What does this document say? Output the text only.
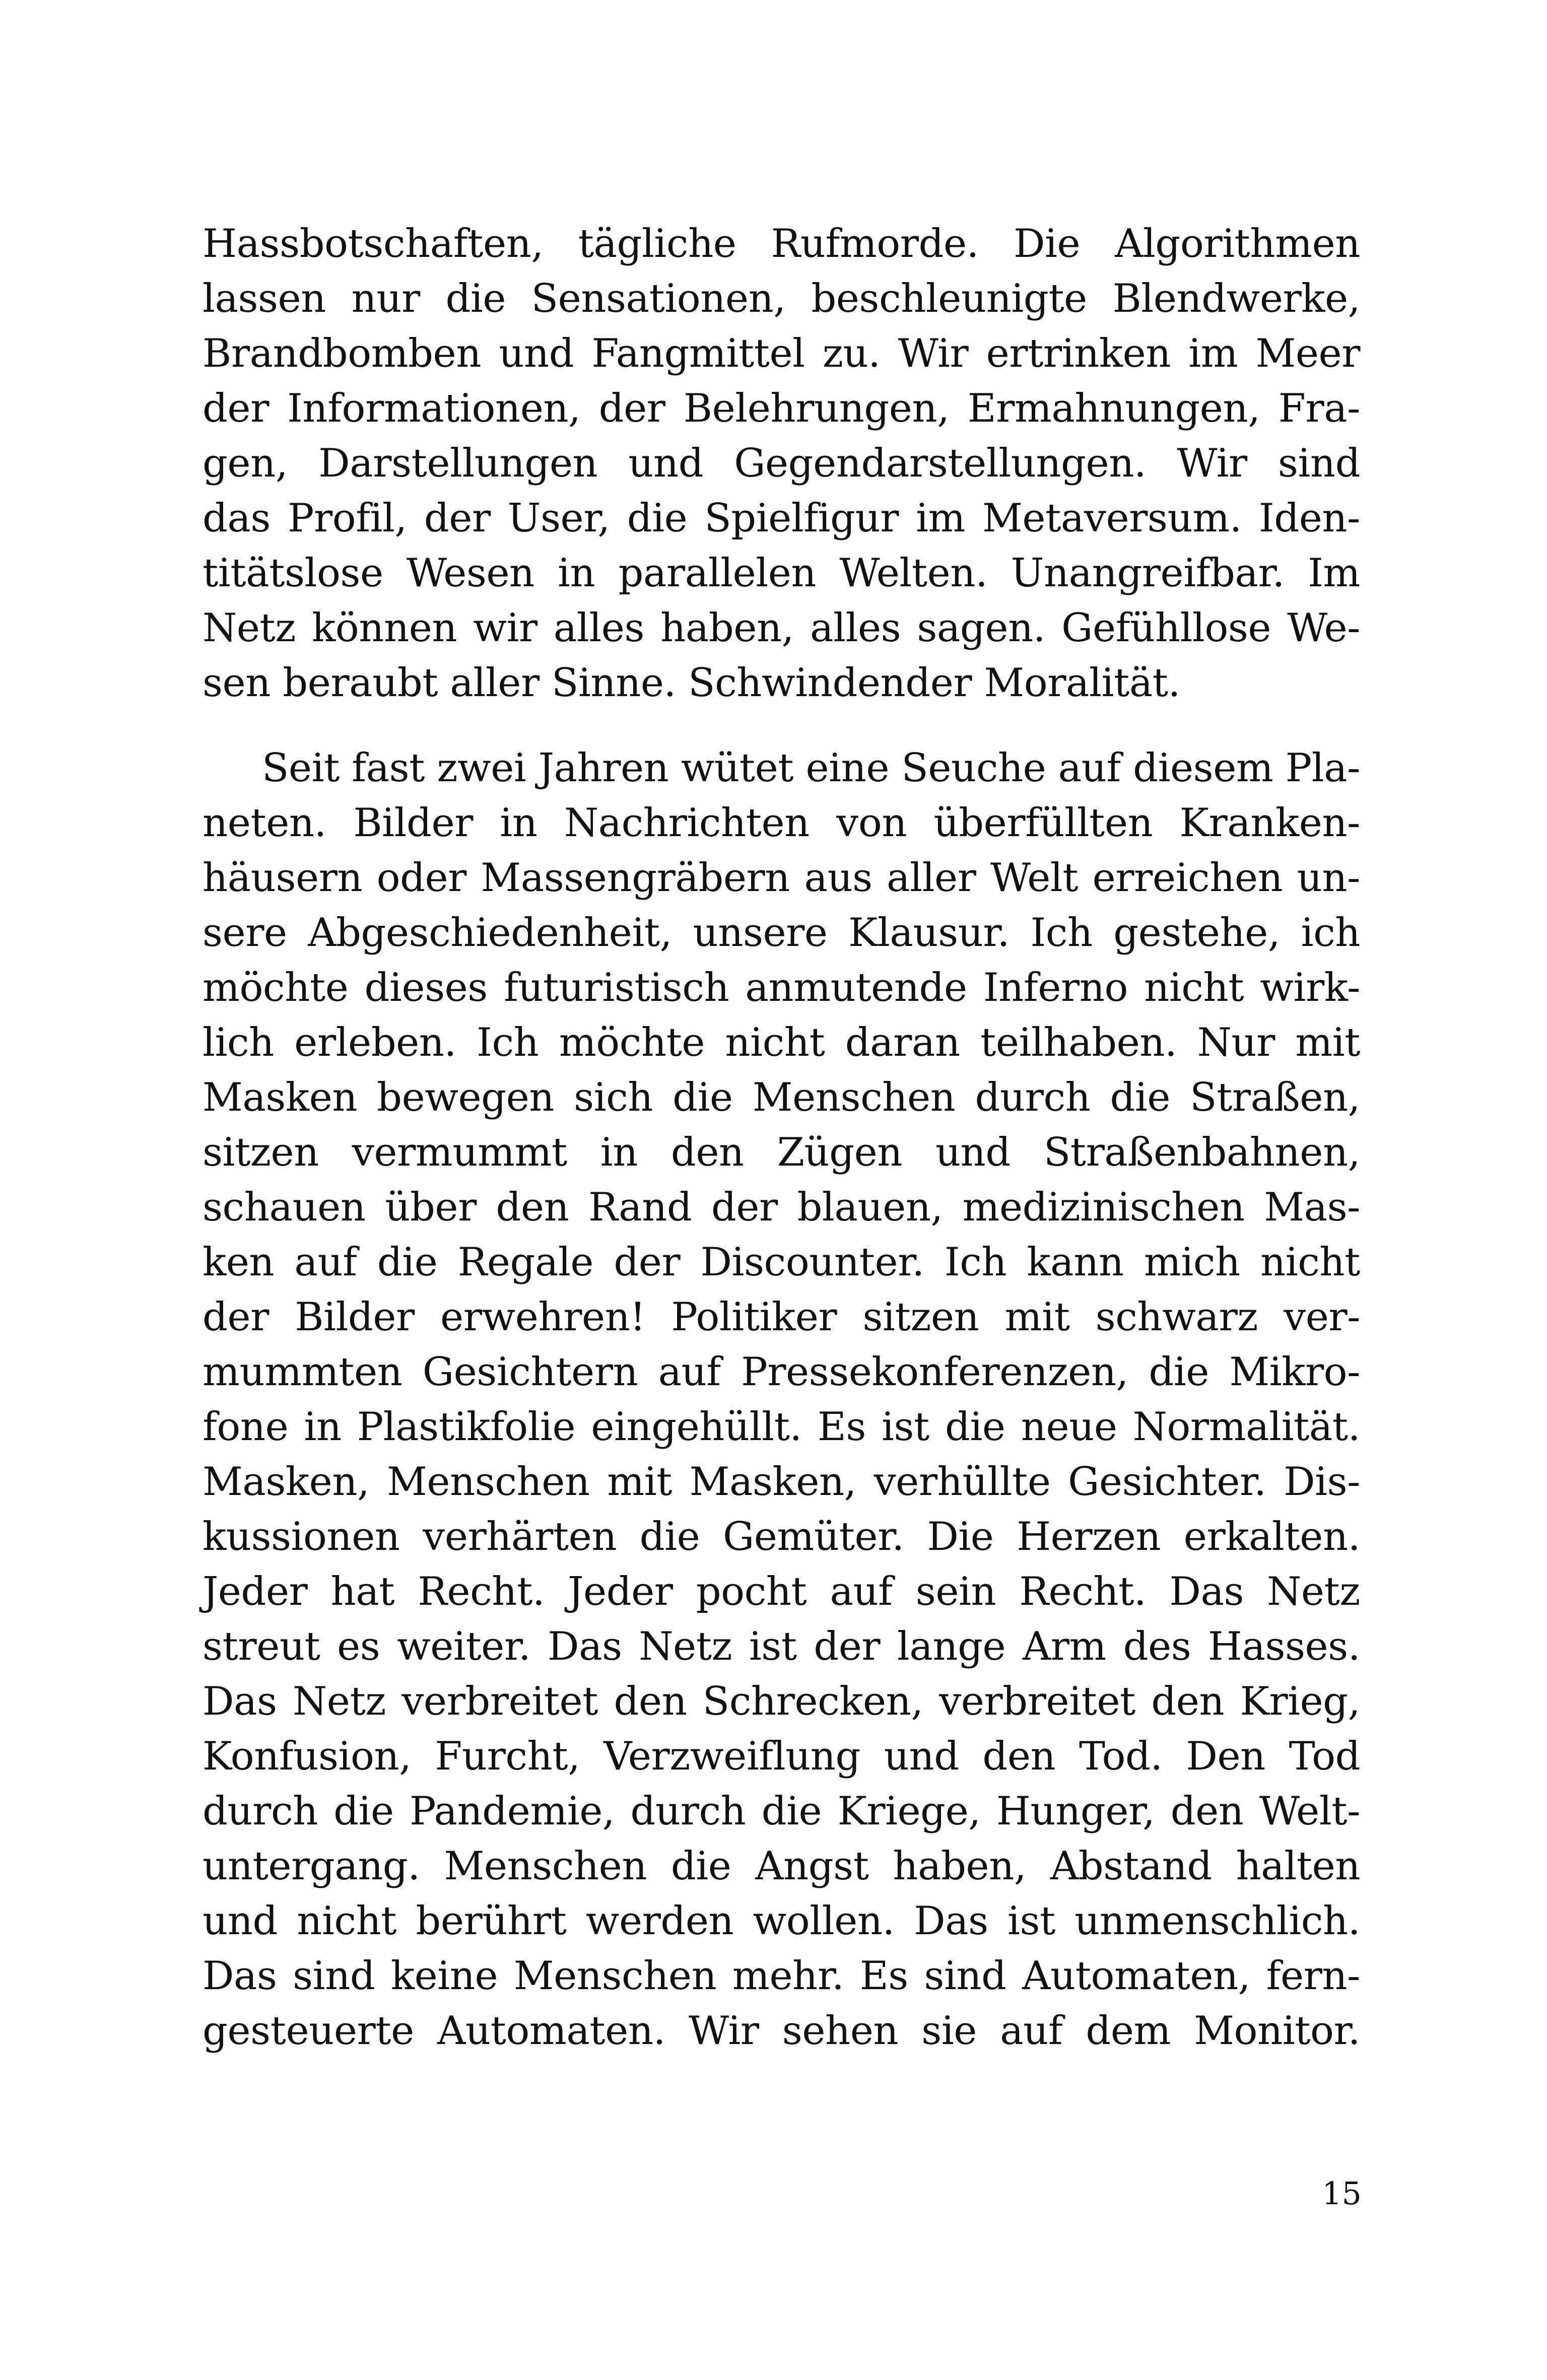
Hassbotschaften, tägliche Rufmorde. Die Algorithmen
lassen nur die Sensationen, beschleunigte Blendwerke,
Brandbomben und Fangmittel zu. Wir ertrinken im Meer
der Informationen, der Belehrungen, Ermahnungen, Fra-
gen, Darstellungen und Gegendarstellungen. Wir sind
das Profil, der User, die Spielfigur im Metaversum. Iden-
titätslose Wesen in parallelen Welten. Unangreifbar. Im
Netz können wir alles haben, alles sagen. Gefühllose We-
sen beraubt aller Sinne. Schwindender Moralität.
Seit fast zwei Jahren wütet eine Seuche auf diesem Pla-
neten. Bilder in Nachrichten von überfüllten Kranken-
häusern oder Massengräbern aus aller Welt erreichen un-
sere Abgeschiedenheit, unsere Klausur. Ich gestehe, ich
möchte dieses futuristisch anmutende Inferno nicht wirk-
lich erleben. Ich möchte nicht daran teilhaben. Nur mit
Masken bewegen sich die Menschen durch die Straßen,
sitzen vermummt in den Zügen und Straßenbahnen,
schauen über den Rand der blauen, medizinischen Mas-
ken auf die Regale der Discounter. Ich kann mich nicht
der Bilder erwehren! Politiker sitzen mit schwarz ver-
mummten Gesichtern auf Pressekonferenzen, die Mikro-
fone in Plastikfolie eingehüllt. Es ist die neue Normalität.
Masken, Menschen mit Masken, verhüllte Gesichter. Dis-
kussionen verhärten die Gemüter. Die Herzen erkalten.
Jeder hat Recht. Jeder pocht auf sein Recht. Das Netz
streut es weiter. Das Netz ist der lange Arm des Hasses.
Das Netz verbreitet den Schrecken, verbreitet den Krieg,
Konfusion, Furcht, Verzweiflung und den Tod. Den Tod
durch die Pandemie, durch die Kriege, Hunger, den Welt-
untergang. Menschen die Angst haben, Abstand halten
und nicht berührt werden wollen. Das ist unmenschlich.
Das sind keine Menschen mehr. Es sind Automaten, fern-
gesteuerte Automaten. Wir sehen sie auf dem Monitor.
15
